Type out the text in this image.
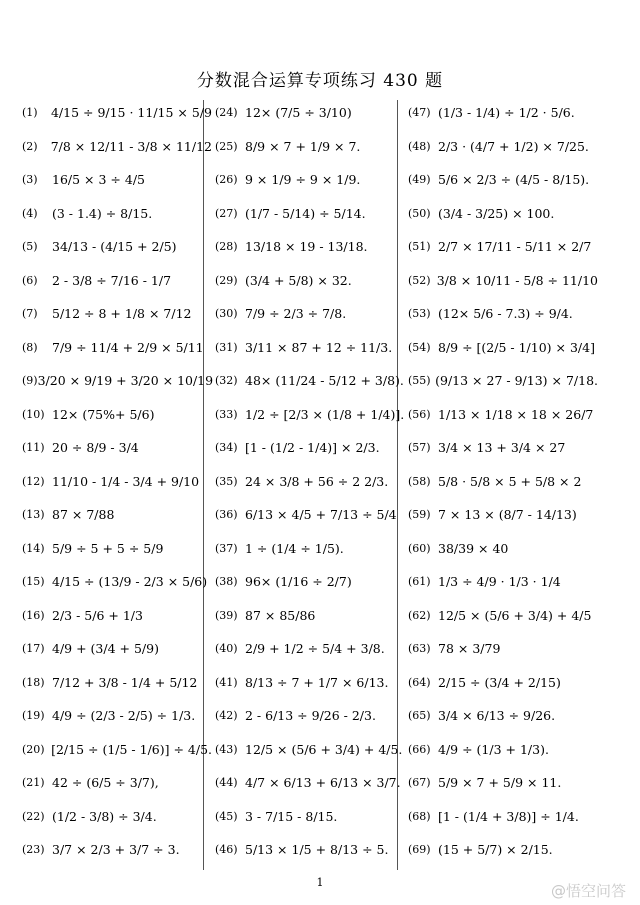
分数混合运算专项练习 430 题
(1)	4/15 ÷ 9/15 · 11/15 × 5/9
(2)	7/8 × 12/11 - 3/8 × 11/12
(3)	16/5 × 3 ÷ 4/5
(4)	(3 - 1.4) ÷ 8/15.
(5)	34/13 - (4/15 + 2/5)
(6)	2 - 3/8 ÷ 7/16 - 1/7
(7)	5/12 ÷ 8 + 1/8 × 7/12
(8)	7/9 ÷ 11/4 + 2/9 × 5/11
(9) 3/20 × 9/19 + 3/20 × 10/19
(10) 12× (75%+ 5/6)
(11) 20 ÷ 8/9 - 3/4
(12) 11/10 - 1/4 - 3/4 + 9/10
(13) 87 × 7/88
(14) 5/9 ÷ 5 + 5 ÷ 5/9
(15) 4/15 ÷ (13/9 - 2/3 × 5/6)
(16) 2/3 - 5/6 + 1/3
(17) 4/9 + (3/4 + 5/9)
(18) 7/12 + 3/8 - 1/4 + 5/12
(19) 4/9 ÷ (2/3 - 2/5) ÷ 1/3.
(20) [2/15 ÷ (1/5 - 1/6)] ÷ 4/5.
(21) 42 ÷ (6/5 ÷ 3/7),
(22) (1/2 - 3/8) ÷ 3/4.
(23) 3/7 × 2/3 + 3/7 ÷ 3.
(24) 12× (7/5 ÷ 3/10)
(25) 8/9 × 7 + 1/9 × 7.
(26) 9 × 1/9 ÷ 9 × 1/9.
(27) (1/7 - 5/14) ÷ 5/14.
(28) 13/18 × 19 - 13/18.
(29) (3/4 + 5/8) × 32.
(30) 7/9 ÷ 2/3 ÷ 7/8.
(31) 3/11 × 87 + 12 ÷ 11/3.
(32) 48× (11/24 - 5/12 + 3/8).
(33) 1/2 ÷ [2/3 × (1/8 + 1/4)].
(34) [1 - (1/2 - 1/4)] × 2/3.
(35) 24 × 3/8 + 56 ÷ 2 2/3.
(36) 6/13 × 4/5 + 7/13 ÷ 5/4
(37) 1 ÷ (1/4 ÷ 1/5).
(38) 96× (1/16 ÷ 2/7)
(39) 87 × 85/86
(40) 2/9 + 1/2 ÷ 5/4 + 3/8.
(41) 8/13 ÷ 7 + 1/7 × 6/13.
(42) 2 - 6/13 ÷ 9/26 - 2/3.
(43) 12/5 × (5/6 + 3/4) + 4/5.
(44) 4/7 × 6/13 + 6/13 × 3/7.
(45) 3 - 7/15 - 8/15.
(46) 5/13 × 1/5 + 8/13 ÷ 5.
(47) (1/3 - 1/4) ÷ 1/2 · 5/6.
(48) 2/3 · (4/7 + 1/2) × 7/25.
(49) 5/6 × 2/3 ÷ (4/5 - 8/15).
(50) (3/4 - 3/25) × 100.
(51) 2/7 × 17/11 - 5/11 × 2/7
(52) 3/8 × 10/11 - 5/8 ÷ 11/10
(53) (12× 5/6 - 7.3) ÷ 9/4.
(54) 8/9 ÷ [(2/5 - 1/10) × 3/4]
(55) (9/13 × 27 - 9/13) × 7/18.
(56) 1/13 × 1/18 × 18 × 26/7
(57) 3/4 × 13 + 3/4 × 27
(58) 5/8 · 5/8 × 5 + 5/8 × 2
(59) 7 × 13 × (8/7 - 14/13)
(60) 38/39 × 40
(61) 1/3 ÷ 4/9 · 1/3 · 1/4
(62) 12/5 × (5/6 + 3/4) + 4/5
(63) 78 × 3/79
(64) 2/15 ÷ (3/4 + 2/15)
(65) 3/4 × 6/13 ÷ 9/26.
(66) 4/9 ÷ (1/3 + 1/3).
(67) 5/9 × 7 + 5/9 × 11.
(68) [1 - (1/4 + 3/8)] ÷ 1/4.
(69) (15 + 5/7) × 2/15.
1	@悟空问答
